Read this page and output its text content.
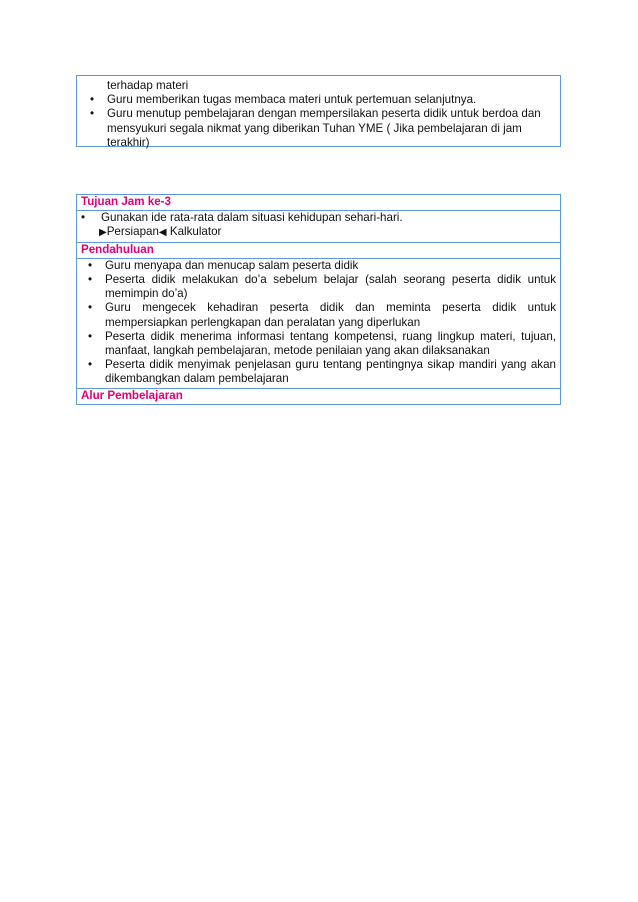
terhadap materi
• Guru memberikan tugas membaca materi untuk pertemuan selanjutnya.
• Guru menutup pembelajaran dengan mempersilakan peserta didik untuk berdoa dan mensyukuri segala nikmat yang diberikan Tuhan YME ( Jika pembelajaran di jam terakhir)
Tujuan Jam ke-3
• Gunakan ide rata-rata dalam situasi kehidupan sehari-hari.
▶Persiapan◀ Kalkulator
Pendahuluan
• Guru menyapa dan menucap salam peserta didik
• Peserta didik melakukan do’a sebelum belajar (salah seorang peserta didik untuk memimpin do’a)
• Guru mengecek kehadiran peserta didik dan meminta peserta didik untuk mempersiapkan perlengkapan dan peralatan yang diperlukan
• Peserta didik menerima informasi tentang kompetensi, ruang lingkup materi, tujuan, manfaat, langkah pembelajaran, metode penilaian yang akan dilaksanakan
• Peserta didik menyimak penjelasan guru tentang pentingnya sikap mandiri yang akan dikembangkan dalam pembelajaran
Alur Pembelajaran
